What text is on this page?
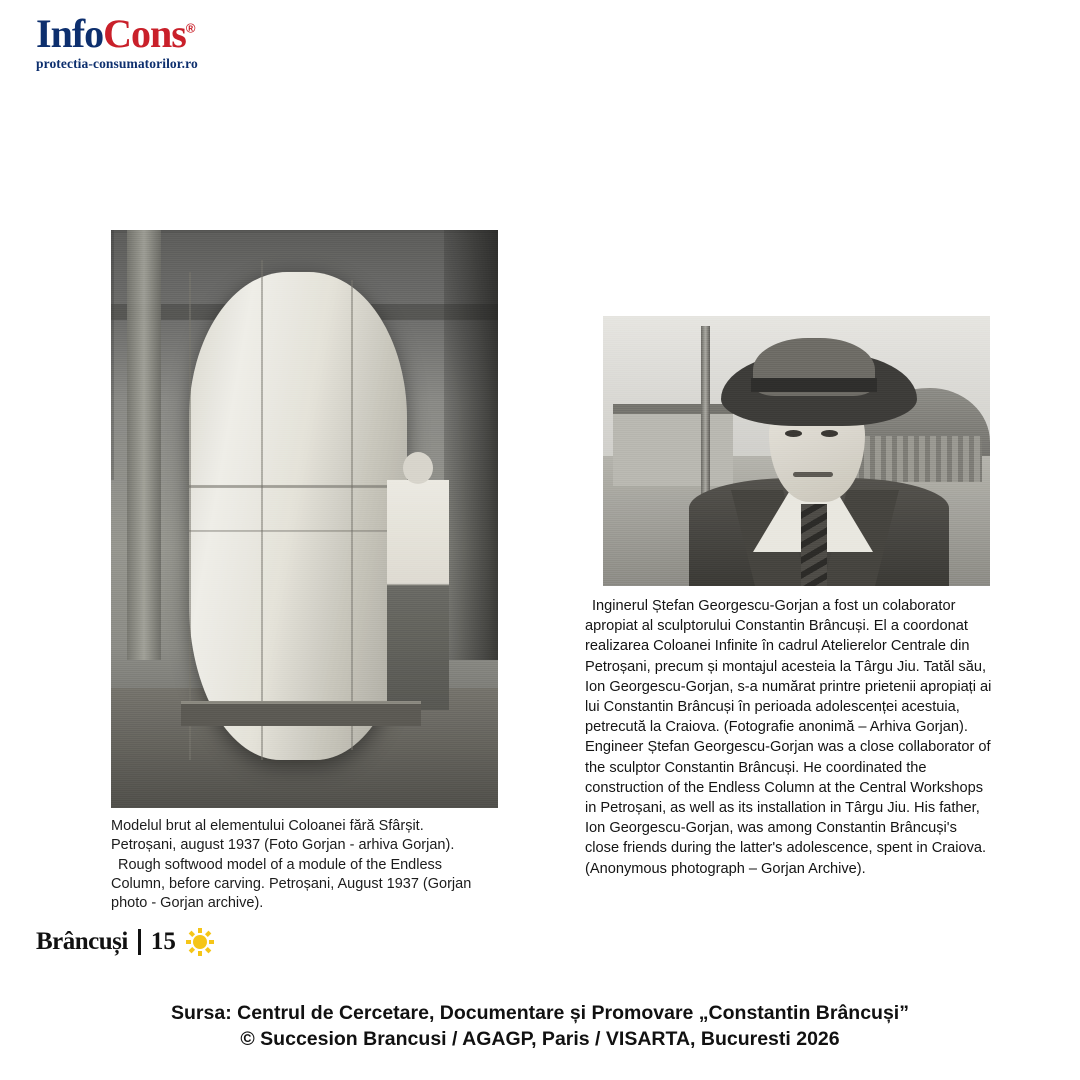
InfoCons®
protectia-consumatorilor.ro

Modelul brut al elementului Coloanei fără Sfârșit.

Petroșani, august 1937 (Foto Gorjan - arhiva Gorjan).

Rough softwood model of a module of the Endless Column, before carving. Petroșani, August 1937 (Gorjan photo - Gorjan archive).

Inginerul Ștefan Georgescu-Gorjan a fost un colaborator apropiat al sculptorului Constantin Brâncuși. El a coordonat realizarea Coloanei Infinite în cadrul Atelierelor Centrale din Petroșani, precum și montajul acesteia la Târgu Jiu. Tatăl său, Ion Georgescu-Gorjan, s-a numărat printre prietenii apropiați ai lui Constantin Brâncuși în perioada adolescenței acestuia, petrecută la Craiova. (Fotografie anonimă – Arhiva Gorjan).

Engineer Ștefan Georgescu-Gorjan was a close collaborator of the sculptor Constantin Brâncuși. He coordinated the construction of the Endless Column at the Central Workshops in Petroșani, as well as its installation in Târgu Jiu. His father, Ion Georgescu-Gorjan, was among Constantin Brâncuși's close friends during the latter's adolescence, spent in Craiova. (Anonymous photograph – Gorjan Archive).

Brâncuși 15

Sursa: Centrul de Cercetare, Documentare și Promovare „Constantin Brâncuși”

© Succesion Brancusi / AGAGP, Paris / VISARTA, Bucuresti 2026
